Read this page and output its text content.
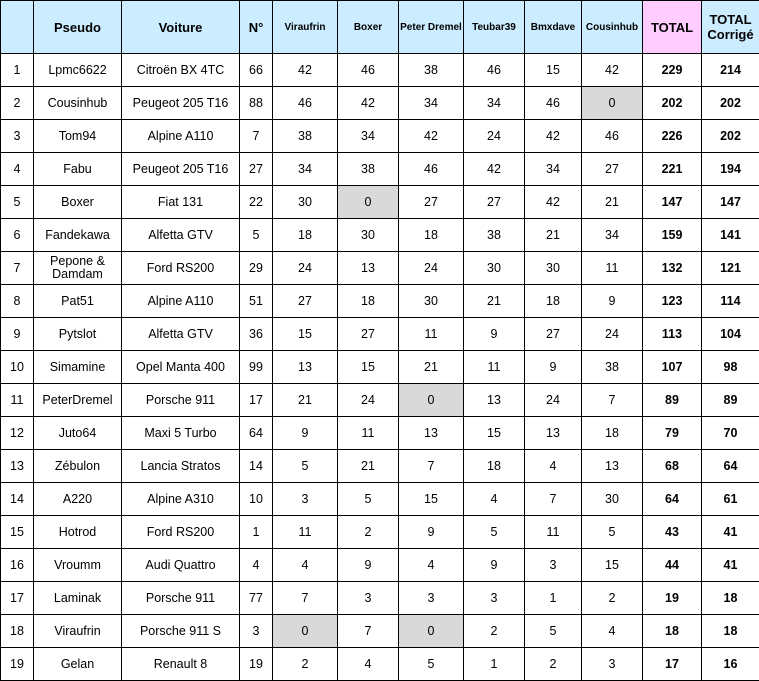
	Pseudo	Voiture	N°	Viraufrin	Boxer	Peter Dremel	Teubar39	Bmxdave	Cousinhub	TOTAL	TOTAL Corrigé
1	Lpmc6622	Citroën BX 4TC	66	42	46	38	46	15	42	229	214
2	Cousinhub	Peugeot 205 T16	88	46	42	34	34	46	0	202	202
3	Tom94	Alpine A110	7	38	34	42	24	42	46	226	202
4	Fabu	Peugeot 205 T16	27	34	38	46	42	34	27	221	194
5	Boxer	Fiat 131	22	30	0	27	27	42	21	147	147
6	Fandekawa	Alfetta GTV	5	18	30	18	38	21	34	159	141
7	Pepone & Damdam	Ford RS200	29	24	13	24	30	30	11	132	121
8	Pat51	Alpine A110	51	27	18	30	21	18	9	123	114
9	Pytslot	Alfetta GTV	36	15	27	11	9	27	24	113	104
10	Simamine	Opel Manta 400	99	13	15	21	11	9	38	107	98
11	PeterDremel	Porsche 911	17	21	24	0	13	24	7	89	89
12	Juto64	Maxi 5 Turbo	64	9	11	13	15	13	18	79	70
13	Zébulon	Lancia Stratos	14	5	21	7	18	4	13	68	64
14	A220	Alpine A310	10	3	5	15	4	7	30	64	61
15	Hotrod	Ford RS200	1	11	2	9	5	11	5	43	41
16	Vroumm	Audi Quattro	4	4	9	4	9	3	15	44	41
17	Laminak	Porsche 911	77	7	3	3	3	1	2	19	18
18	Viraufrin	Porsche 911 S	3	0	7	0	2	5	4	18	18
19	Gelan	Renault 8	19	2	4	5	1	2	3	17	16
